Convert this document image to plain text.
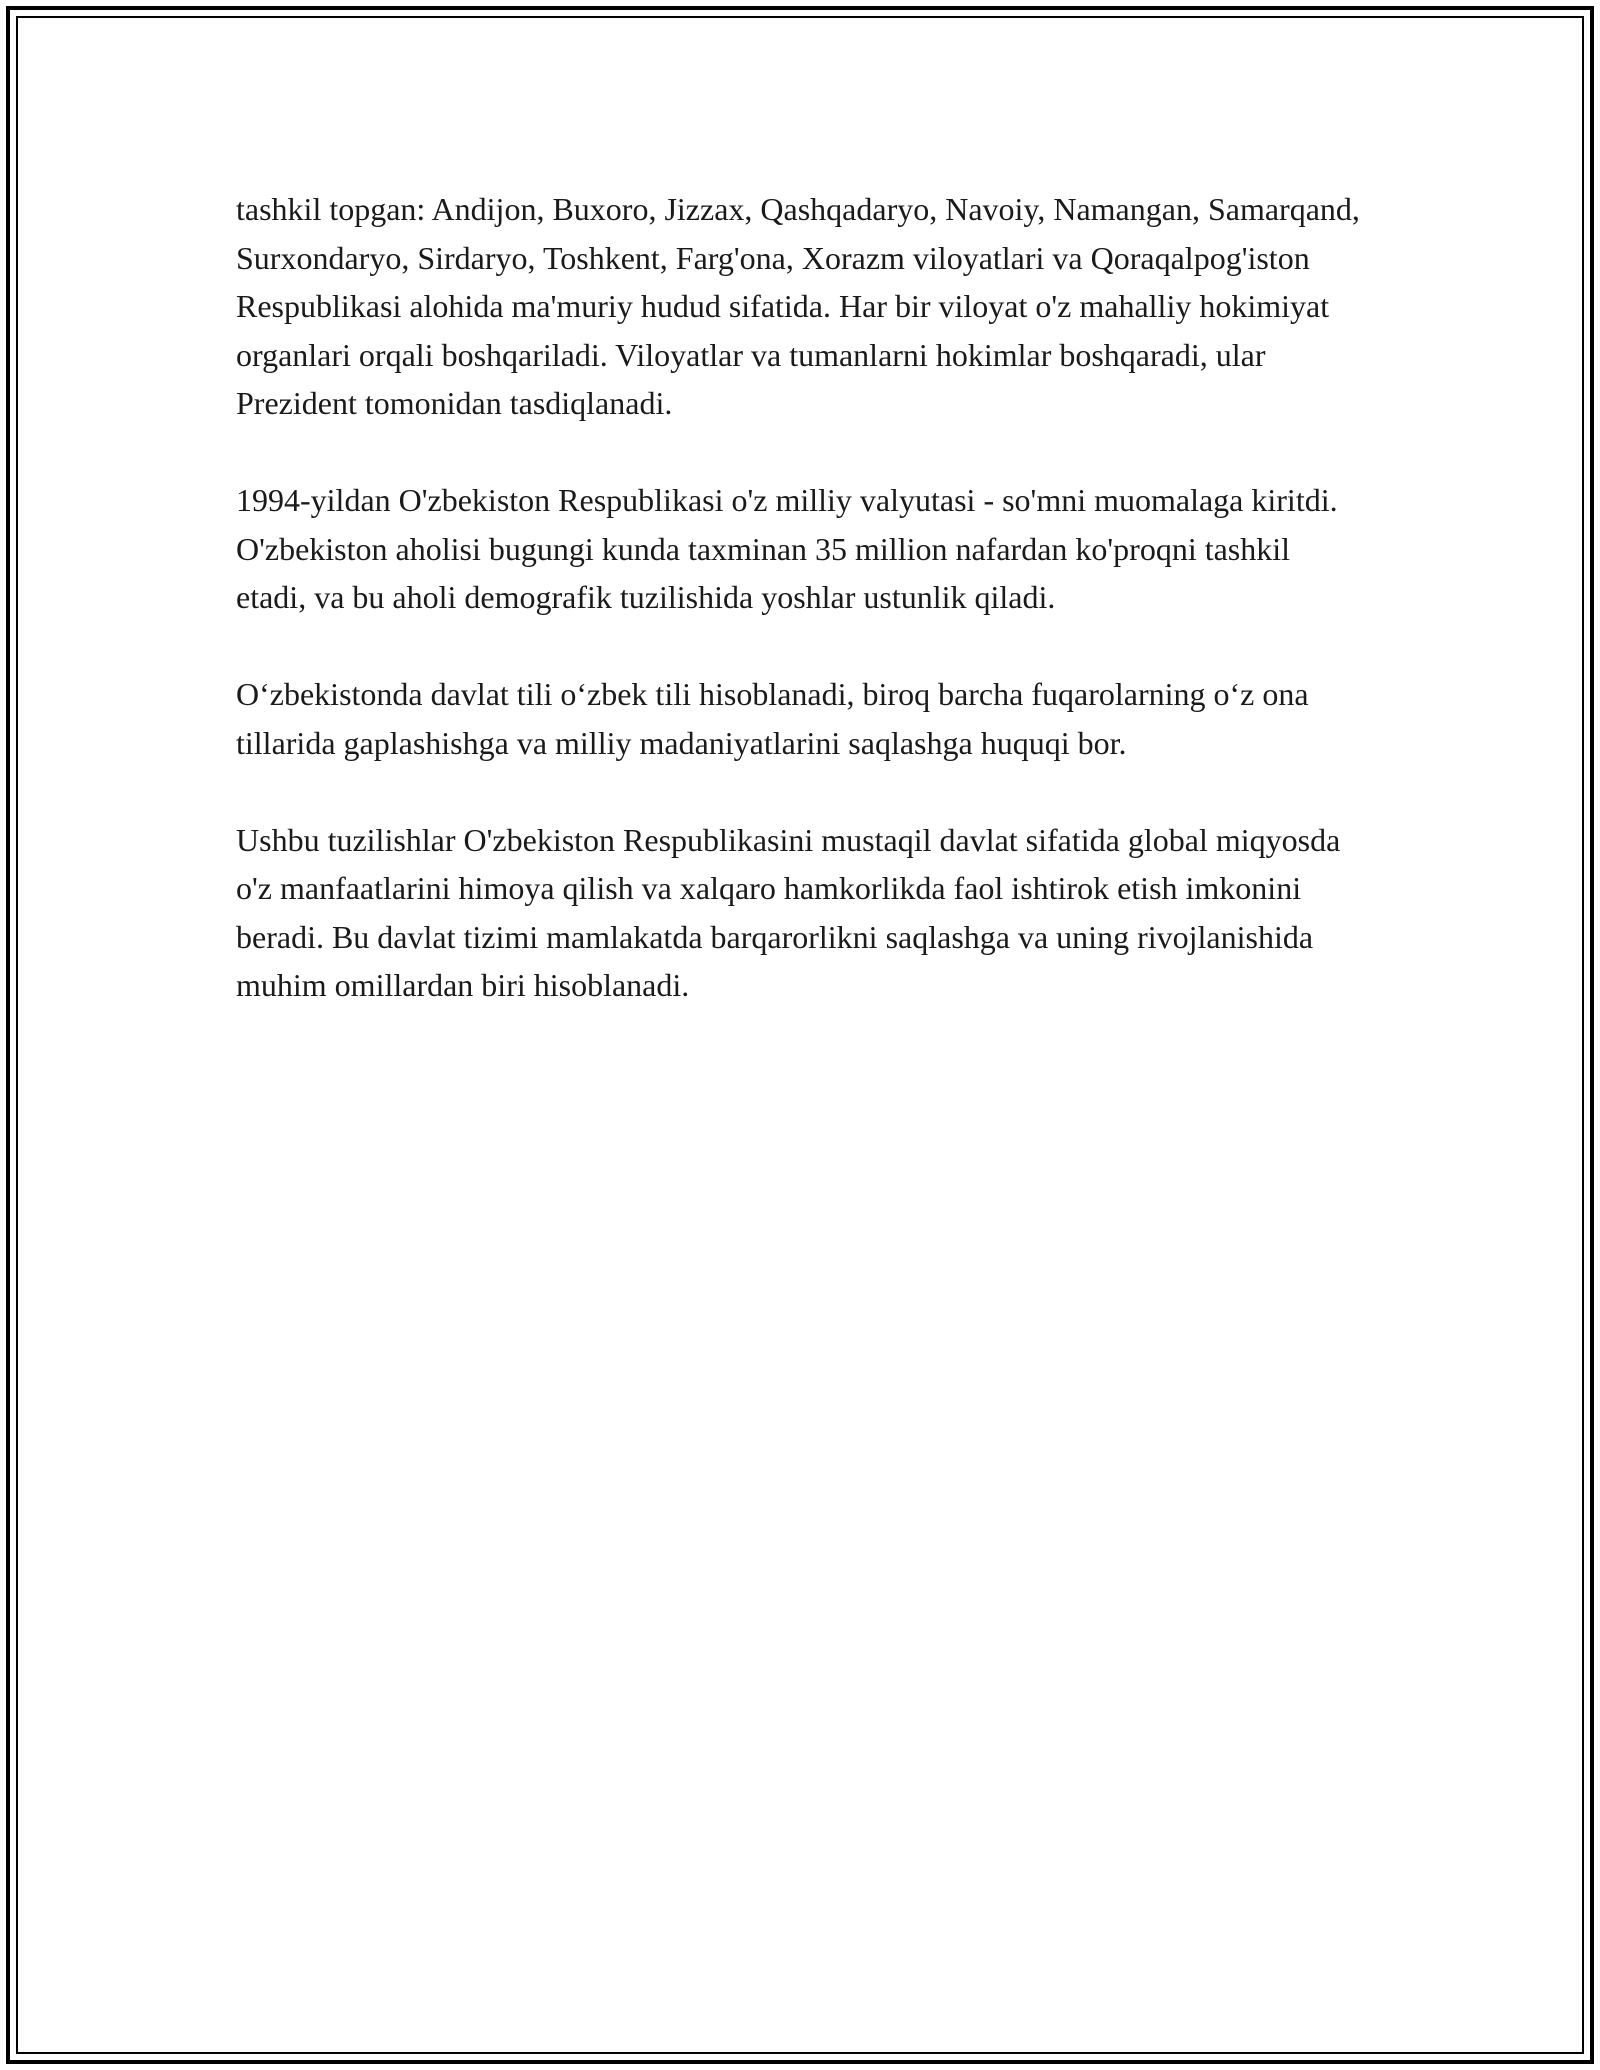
tashkil topgan: Andijon, Buxoro, Jizzax, Qashqadaryo, Navoiy, Namangan, Samarqand, Surxondaryo, Sirdaryo, Toshkent, Farg'ona, Xorazm viloyatlari va Qoraqalpog'iston Respublikasi alohida ma'muriy hudud sifatida. Har bir viloyat o'z mahalliy hokimiyat organlari orqali boshqariladi. Viloyatlar va tumanlarni hokimlar boshqaradi, ular Prezident tomonidan tasdiqlanadi.

1994-yildan O'zbekiston Respublikasi o'z milliy valyutasi - so'mni muomalaga kiritdi. O'zbekiston aholisi bugungi kunda taxminan 35 million nafardan ko'proqni tashkil etadi, va bu aholi demografik tuzilishida yoshlar ustunlik qiladi.

O‘zbekistonda davlat tili o‘zbek tili hisoblanadi, biroq barcha fuqarolarning o‘z ona tillarida gaplashishga va milliy madaniyatlarini saqlashga huquqi bor.

Ushbu tuzilishlar O'zbekiston Respublikasini mustaqil davlat sifatida global miqyosda o'z manfaatlarini himoya qilish va xalqaro hamkorlikda faol ishtirok etish imkonini beradi. Bu davlat tizimi mamlakatda barqarorlikni saqlashga va uning rivojlanishida muhim omillardan biri hisoblanadi.
